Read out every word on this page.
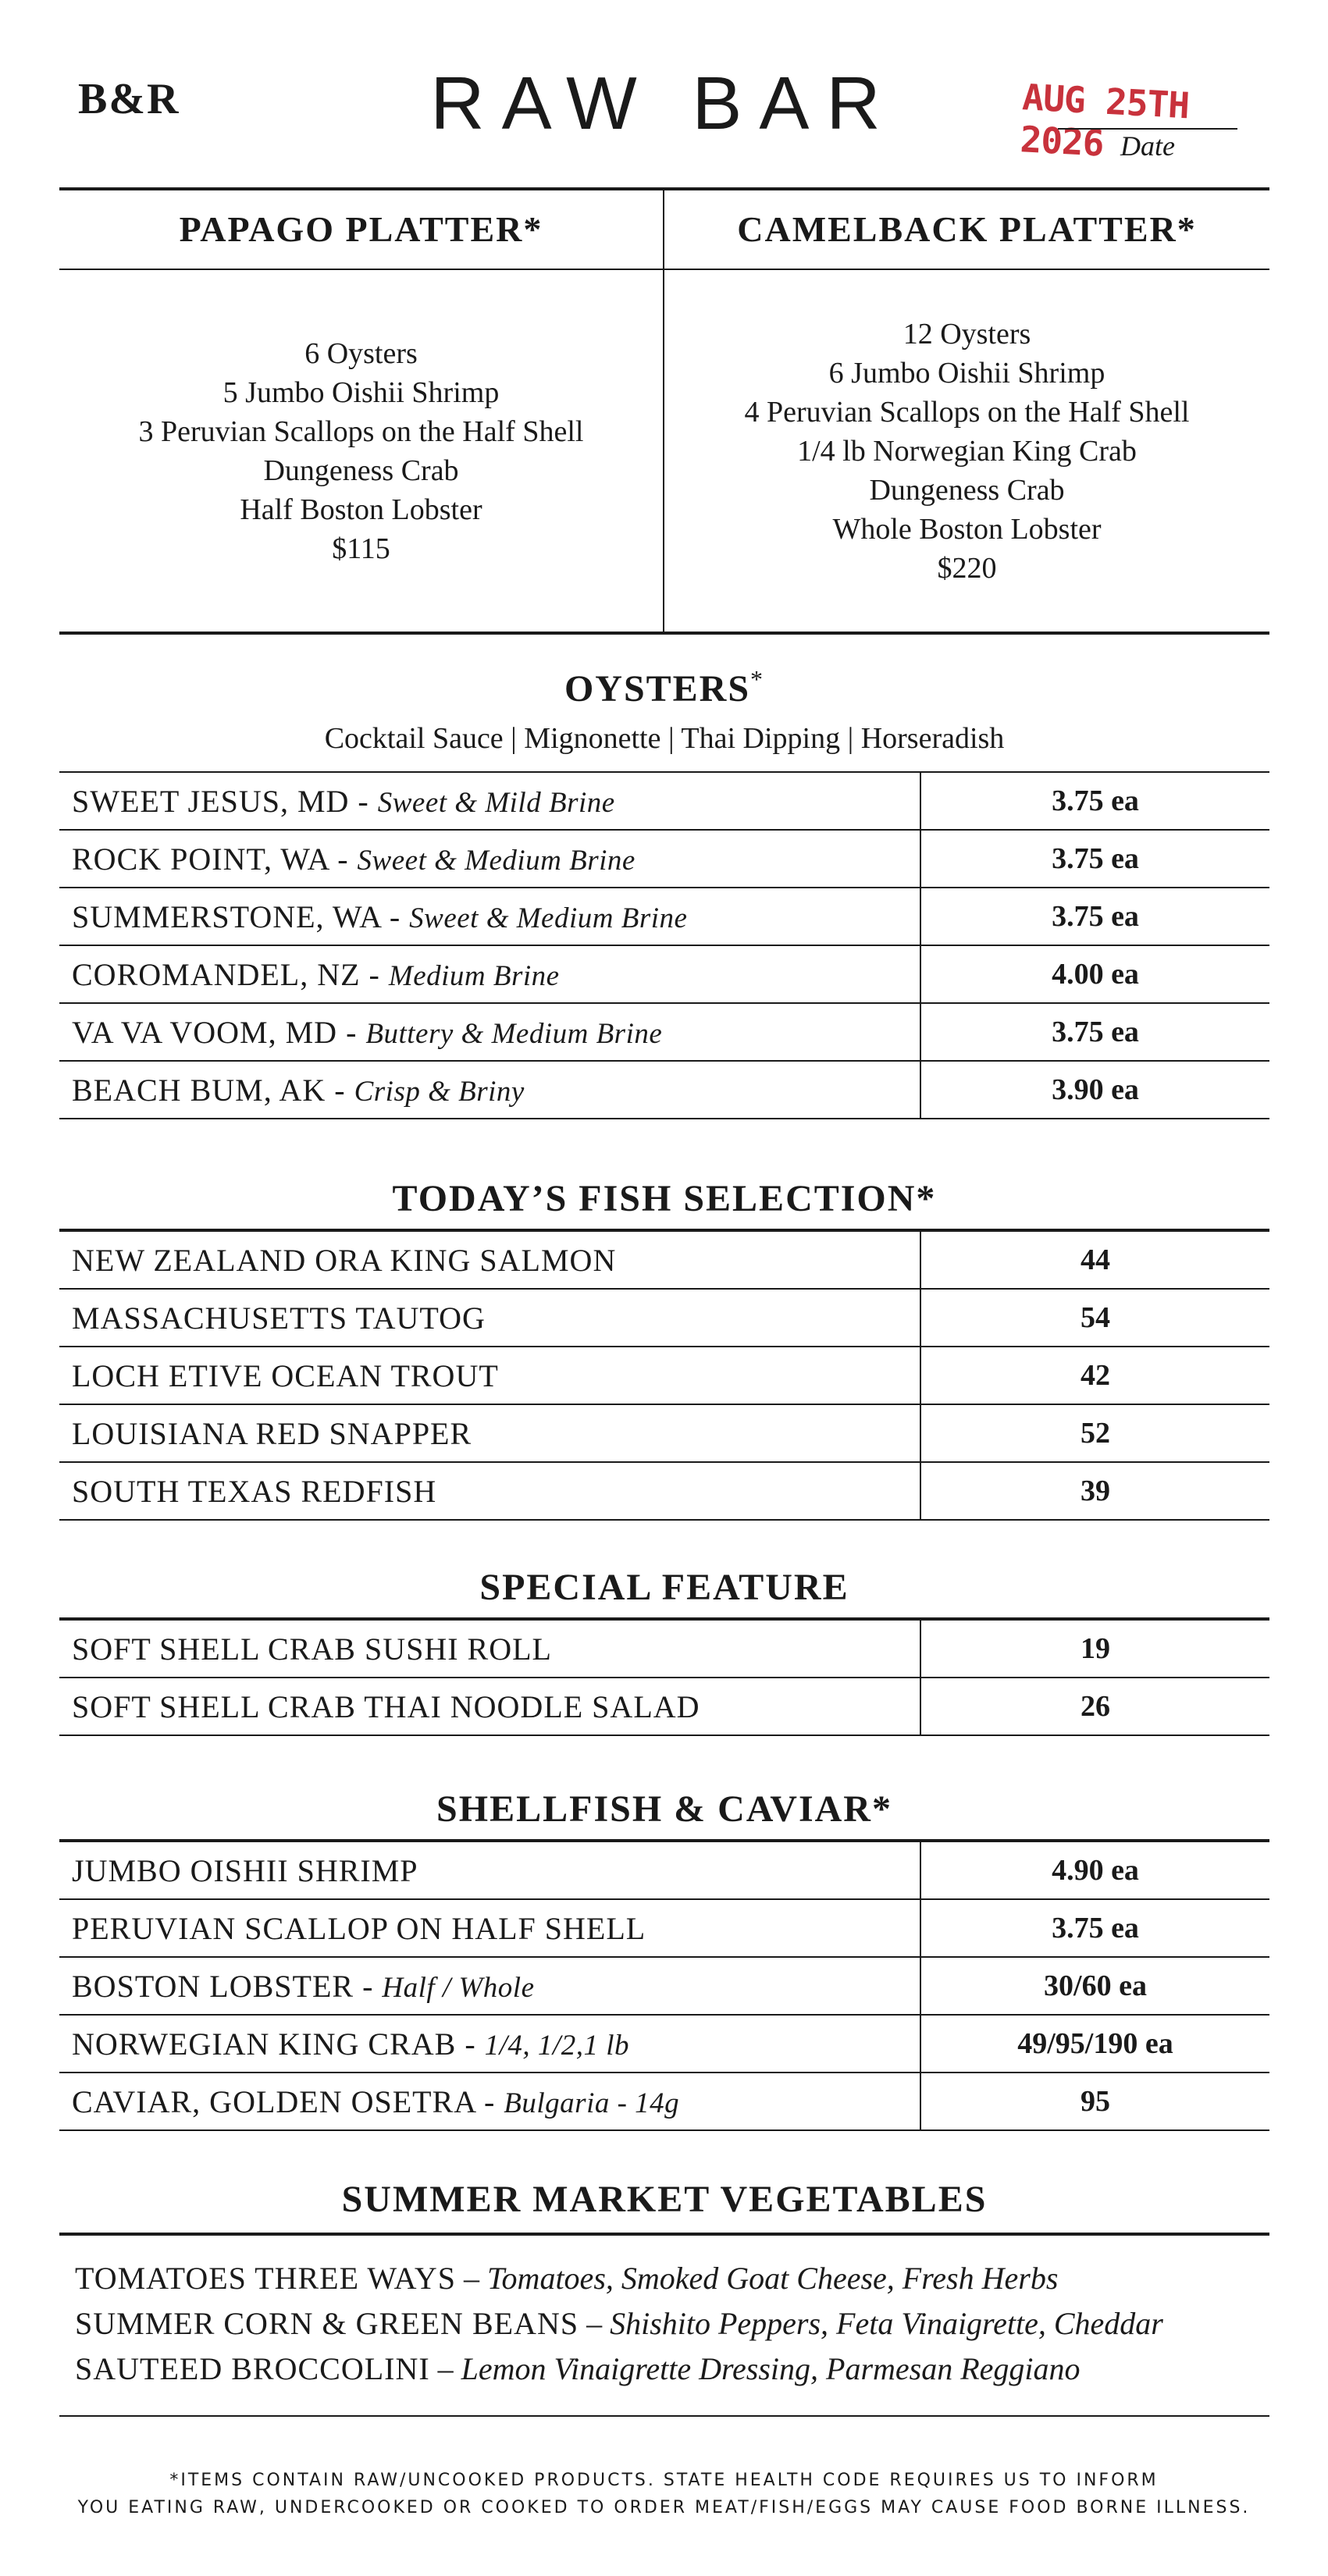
B&R	RAW BAR	AUG 25TH 2026 Date
PAPAGO PLATTER*
6 Oysters
5 Jumbo Oishii Shrimp
3 Peruvian Scallops on the Half Shell
Dungeness Crab
Half Boston Lobster
$115
CAMELBACK PLATTER*
12 Oysters
6 Jumbo Oishii Shrimp
4 Peruvian Scallops on the Half Shell
1/4 lb Norwegian King Crab
Dungeness Crab
Whole Boston Lobster
$220
OYSTERS*
Cocktail Sauce | Mignonette | Thai Dipping | Horseradish
SWEET JESUS, MD - Sweet & Mild Brine	3.75 ea
ROCK POINT, WA - Sweet & Medium Brine	3.75 ea
SUMMERSTONE, WA - Sweet & Medium Brine	3.75 ea
COROMANDEL, NZ - Medium Brine	4.00 ea
VA VA VOOM, MD - Buttery & Medium Brine	3.75 ea
BEACH BUM, AK - Crisp & Briny	3.90 ea
TODAY’S FISH SELECTION*
NEW ZEALAND ORA KING SALMON	44
MASSACHUSETTS TAUTOG	54
LOCH ETIVE OCEAN TROUT	42
LOUISIANA RED SNAPPER	52
SOUTH TEXAS REDFISH	39
SPECIAL FEATURE
SOFT SHELL CRAB SUSHI ROLL	19
SOFT SHELL CRAB THAI NOODLE SALAD	26
SHELLFISH & CAVIAR*
JUMBO OISHII SHRIMP	4.90 ea
PERUVIAN SCALLOP ON HALF SHELL	3.75 ea
BOSTON LOBSTER - Half / Whole	30/60 ea
NORWEGIAN KING CRAB - 1/4, 1/2,1 lb	49/95/190 ea
CAVIAR, GOLDEN OSETRA - Bulgaria - 14g	95
SUMMER MARKET VEGETABLES
TOMATOES THREE WAYS – Tomatoes, Smoked Goat Cheese, Fresh Herbs
SUMMER CORN & GREEN BEANS – Shishito Peppers, Feta Vinaigrette, Cheddar
SAUTEED BROCCOLINI – Lemon Vinaigrette Dressing, Parmesan Reggiano
*ITEMS CONTAIN RAW/UNCOOKED PRODUCTS. STATE HEALTH CODE REQUIRES US TO INFORM
YOU EATING RAW, UNDERCOOKED OR COOKED TO ORDER MEAT/FISH/EGGS MAY CAUSE FOOD BORNE ILLNESS.
